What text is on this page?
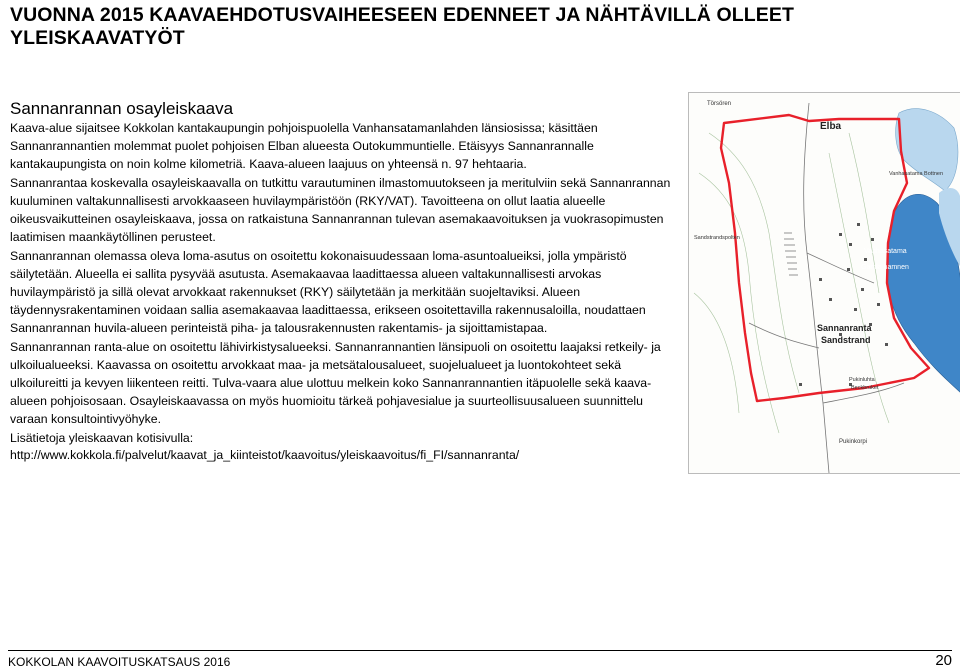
VUONNA 2015 KAAVAEHDOTUSVAIHEESEEN EDENNEET JA NÄHTÄVILLÄ OLLEET YLEISKAAVATYÖT
Sannanrannan osayleiskaava

Kaava-alue sijaitsee Kokkolan kantakaupungin pohjoispuolella Vanhansatamanlahden länsiosissa; käsittäen Sannanrannantien molemmat puolet pohjoisen Elban alueesta Outokummuntielle. Etäisyys Sannanrannalle kantakaupungista on noin kolme kilometriä. Kaava-alueen laajuus on yhteensä n. 97 hehtaaria.

Sannanrantaa koskevalla osayleiskaavalla on tutkittu varautuminen ilmastomuutokseen ja meritulviin sekä Sannanrannan kuuluminen valtakunnallisesti arvokkaaseen huvilaympäristöön (RKY/VAT). Tavoitteena on ollut laatia alueelle oikeusvaikutteinen osayleiskaava, jossa on ratkaistuna Sannanrannan tulevan asemakaavoituksen ja vuokrasopimusten laatimisen maankäytöllinen perusteet.

Sannanrannan olemassa oleva loma-asutus on osoitettu kokonaisuudessaan loma-asuntoalueiksi, jolla ympäristö säilytetään. Alueella ei sallita pysyvää asutusta. Asemakaavaa laadittaessa alueen valtakunnallisesti arvokas huvilaympäristö ja sillä olevat arvokkaat rakennukset (RKY) säilytetään ja merkitään suojeltaviksi. Alueen täydennysrakentaminen voidaan sallia asemakaavaa laadittaessa, erikseen osoitettavilla rakennusaloilla, noudattaen Sannanrannan huvila-alueen perinteistä piha- ja talousrakennusten rakentamis- ja sijoittamistapaa.

Sannanrannan ranta-alue on osoitettu lähivirkistysalueeksi. Sannanrannantien länsipuoli on osoitettu laajaksi retkeily- ja ulkoilualueeksi. Kaavassa on osoitettu arvokkaat maa- ja metsätalousalueet, suojelualueet ja luontokohteet sekä ulkoilureitti ja kevyen liikenteen reitti. Tulva-vaara alue ulottuu melkein koko Sannanrannantien itäpuolelle sekä kaava-alueen pohjoisosaan. Osayleiskaavassa on myös huomioitu tärkeä pohjavesialue ja suurteollisuusalueen suunnittelu varaan konsultointivyöhyke.

Lisätietoja yleiskaavan kotisivulla:

http://www.kokkola.fi/palvelut/kaavat_ja_kiinteistot/kaavoitus/yleiskaavoitus/fi_FI/sannanranta/
Törsören
Elba
Vanhasatama Bottnen
Vanhasatama
Gamla hamnen
Sandstrandspolten
Sannanranta
Sandstrand
Pukinluhta
Beckbruket
Pukinkorpi
KOKKOLAN KAAVOITUSKATSAUS 2016	20
